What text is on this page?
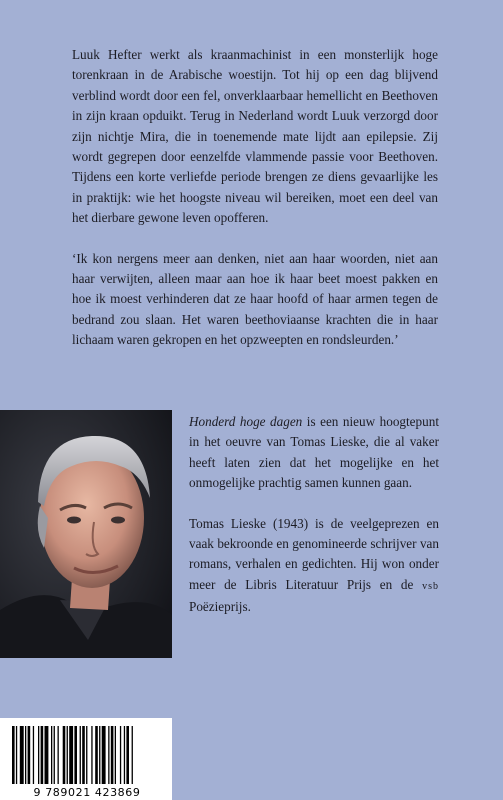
Luuk Hefter werkt als kraanmachinist in een monsterlijk hoge torenkraan in de Arabische woestijn. Tot hij op een dag blijvend verblind wordt door een fel, onverklaarbaar hemellicht en Beethoven in zijn kraan opduikt. Terug in Nederland wordt Luuk verzorgd door zijn nichtje Mira, die in toenemende mate lijdt aan epilepsie. Zij wordt gegrepen door eenzelfde vlammende passie voor Beethoven. Tijdens een korte verliefde periode brengen ze diens gevaarlijke les in praktijk: wie het hoogste niveau wil bereiken, moet een deel van het dierbare gewone leven opofferen.

‘Ik kon nergens meer aan denken, niet aan haar woorden, niet aan haar verwijten, alleen maar aan hoe ik haar beet moest pakken en hoe ik moest verhinderen dat ze haar hoofd of haar armen tegen de bedrand zou slaan. Het waren beethoviaanse krachten die in haar lichaam waren gekropen en het opzweepten en rondsleurden.’

Honderd hoge dagen is een nieuw hoogtepunt in het oeuvre van Tomas Lieske, die al vaker heeft laten zien dat het mogelijke en het onmogelijke prachtig samen kunnen gaan.

Tomas Lieske (1943) is de veelgeprezen en vaak bekroonde en genomineerde schrijver van romans, verhalen en gedichten. Hij won onder meer de Libris Literatuur Prijs en de vsb Poëzieprijs.

9 789021 423869
